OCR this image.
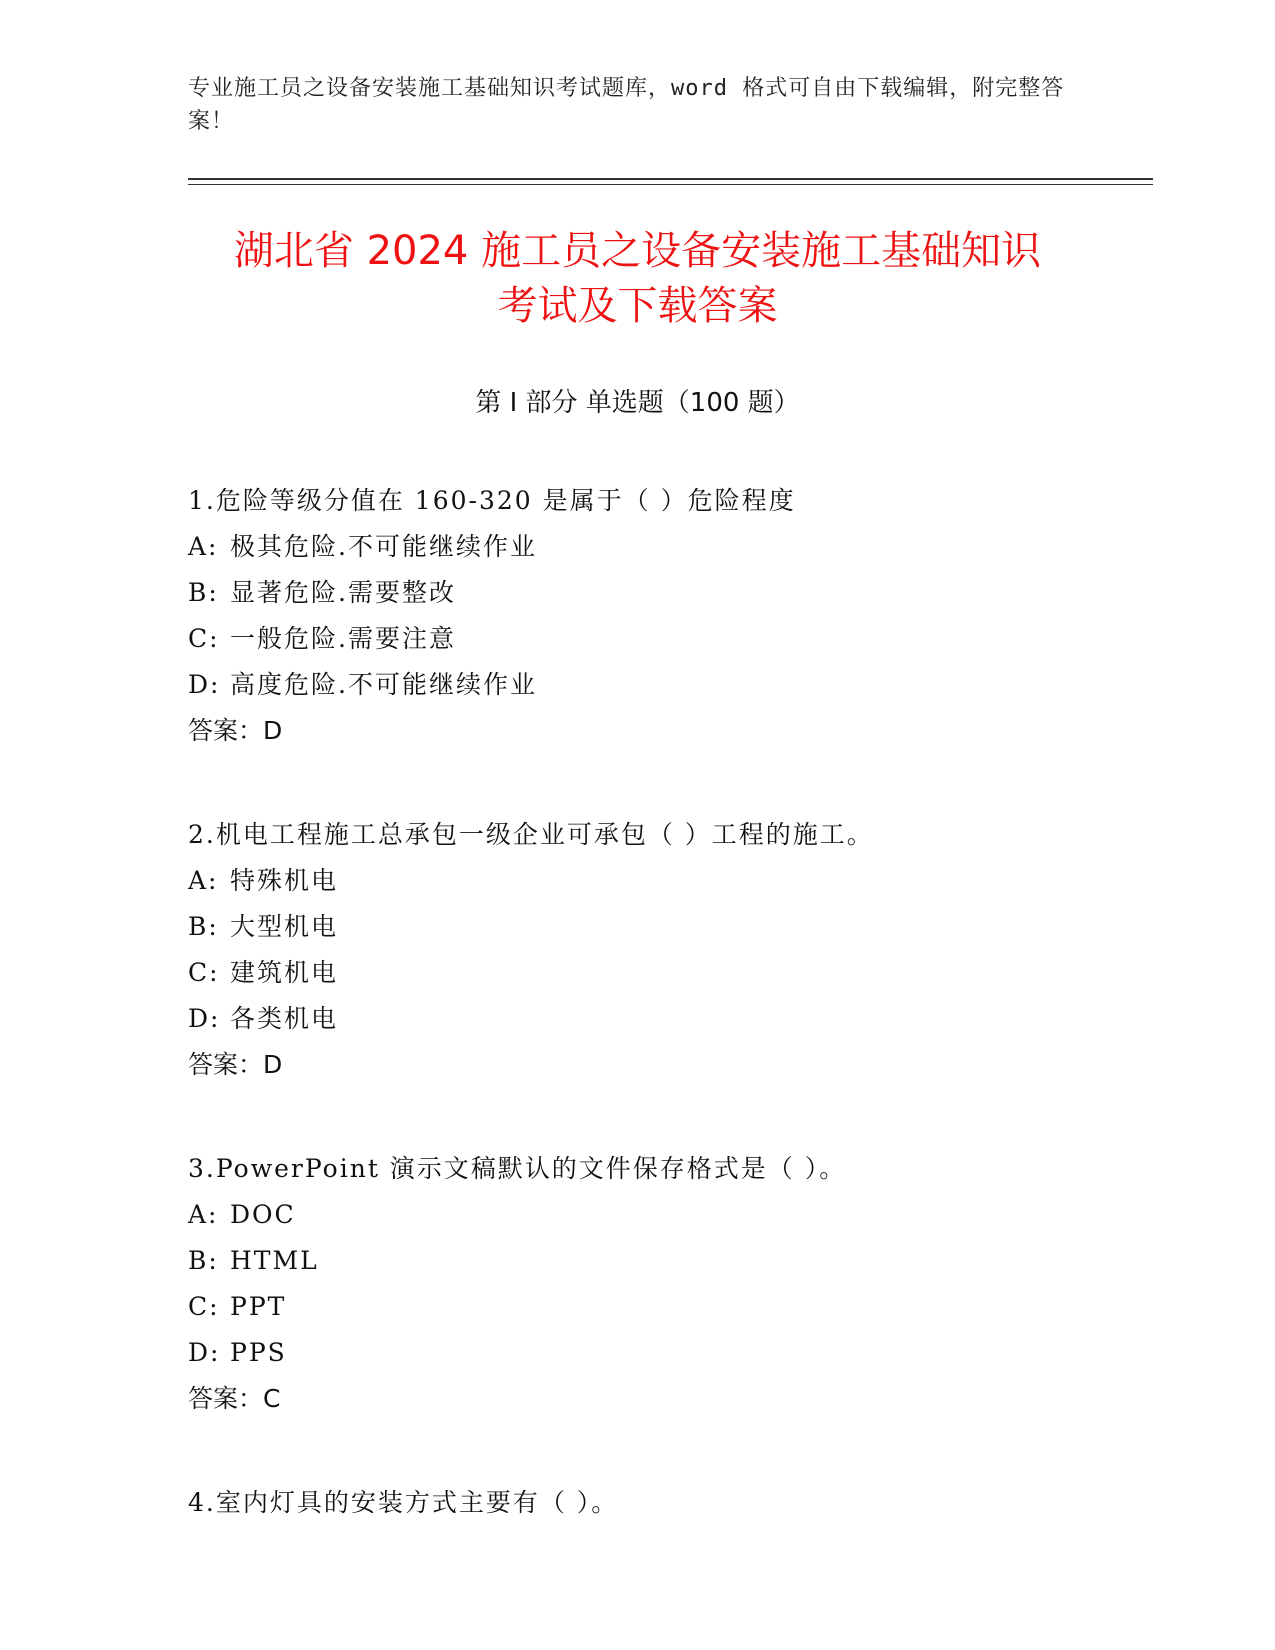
专业施工员之设备安装施工基础知识考试题库，word 格式可自由下载编辑，附完整答案！
湖北省 2024 施工员之设备安装施工基础知识
考试及下载答案
第 I 部分 单选题（100 题）
1.危险等级分值在 160-320 是属于（ ）危险程度
A: 极其危险.不可能继续作业
B: 显著危险.需要整改
C: 一般危险.需要注意
D: 高度危险.不可能继续作业
答案：D
2.机电工程施工总承包一级企业可承包（ ）工程的施工。
A: 特殊机电
B: 大型机电
C: 建筑机电
D: 各类机电
答案：D
3.PowerPoint 演示文稿默认的文件保存格式是（ ）。
A: DOC
B: HTML
C: PPT
D: PPS
答案：C
4.室内灯具的安装方式主要有（ ）。
